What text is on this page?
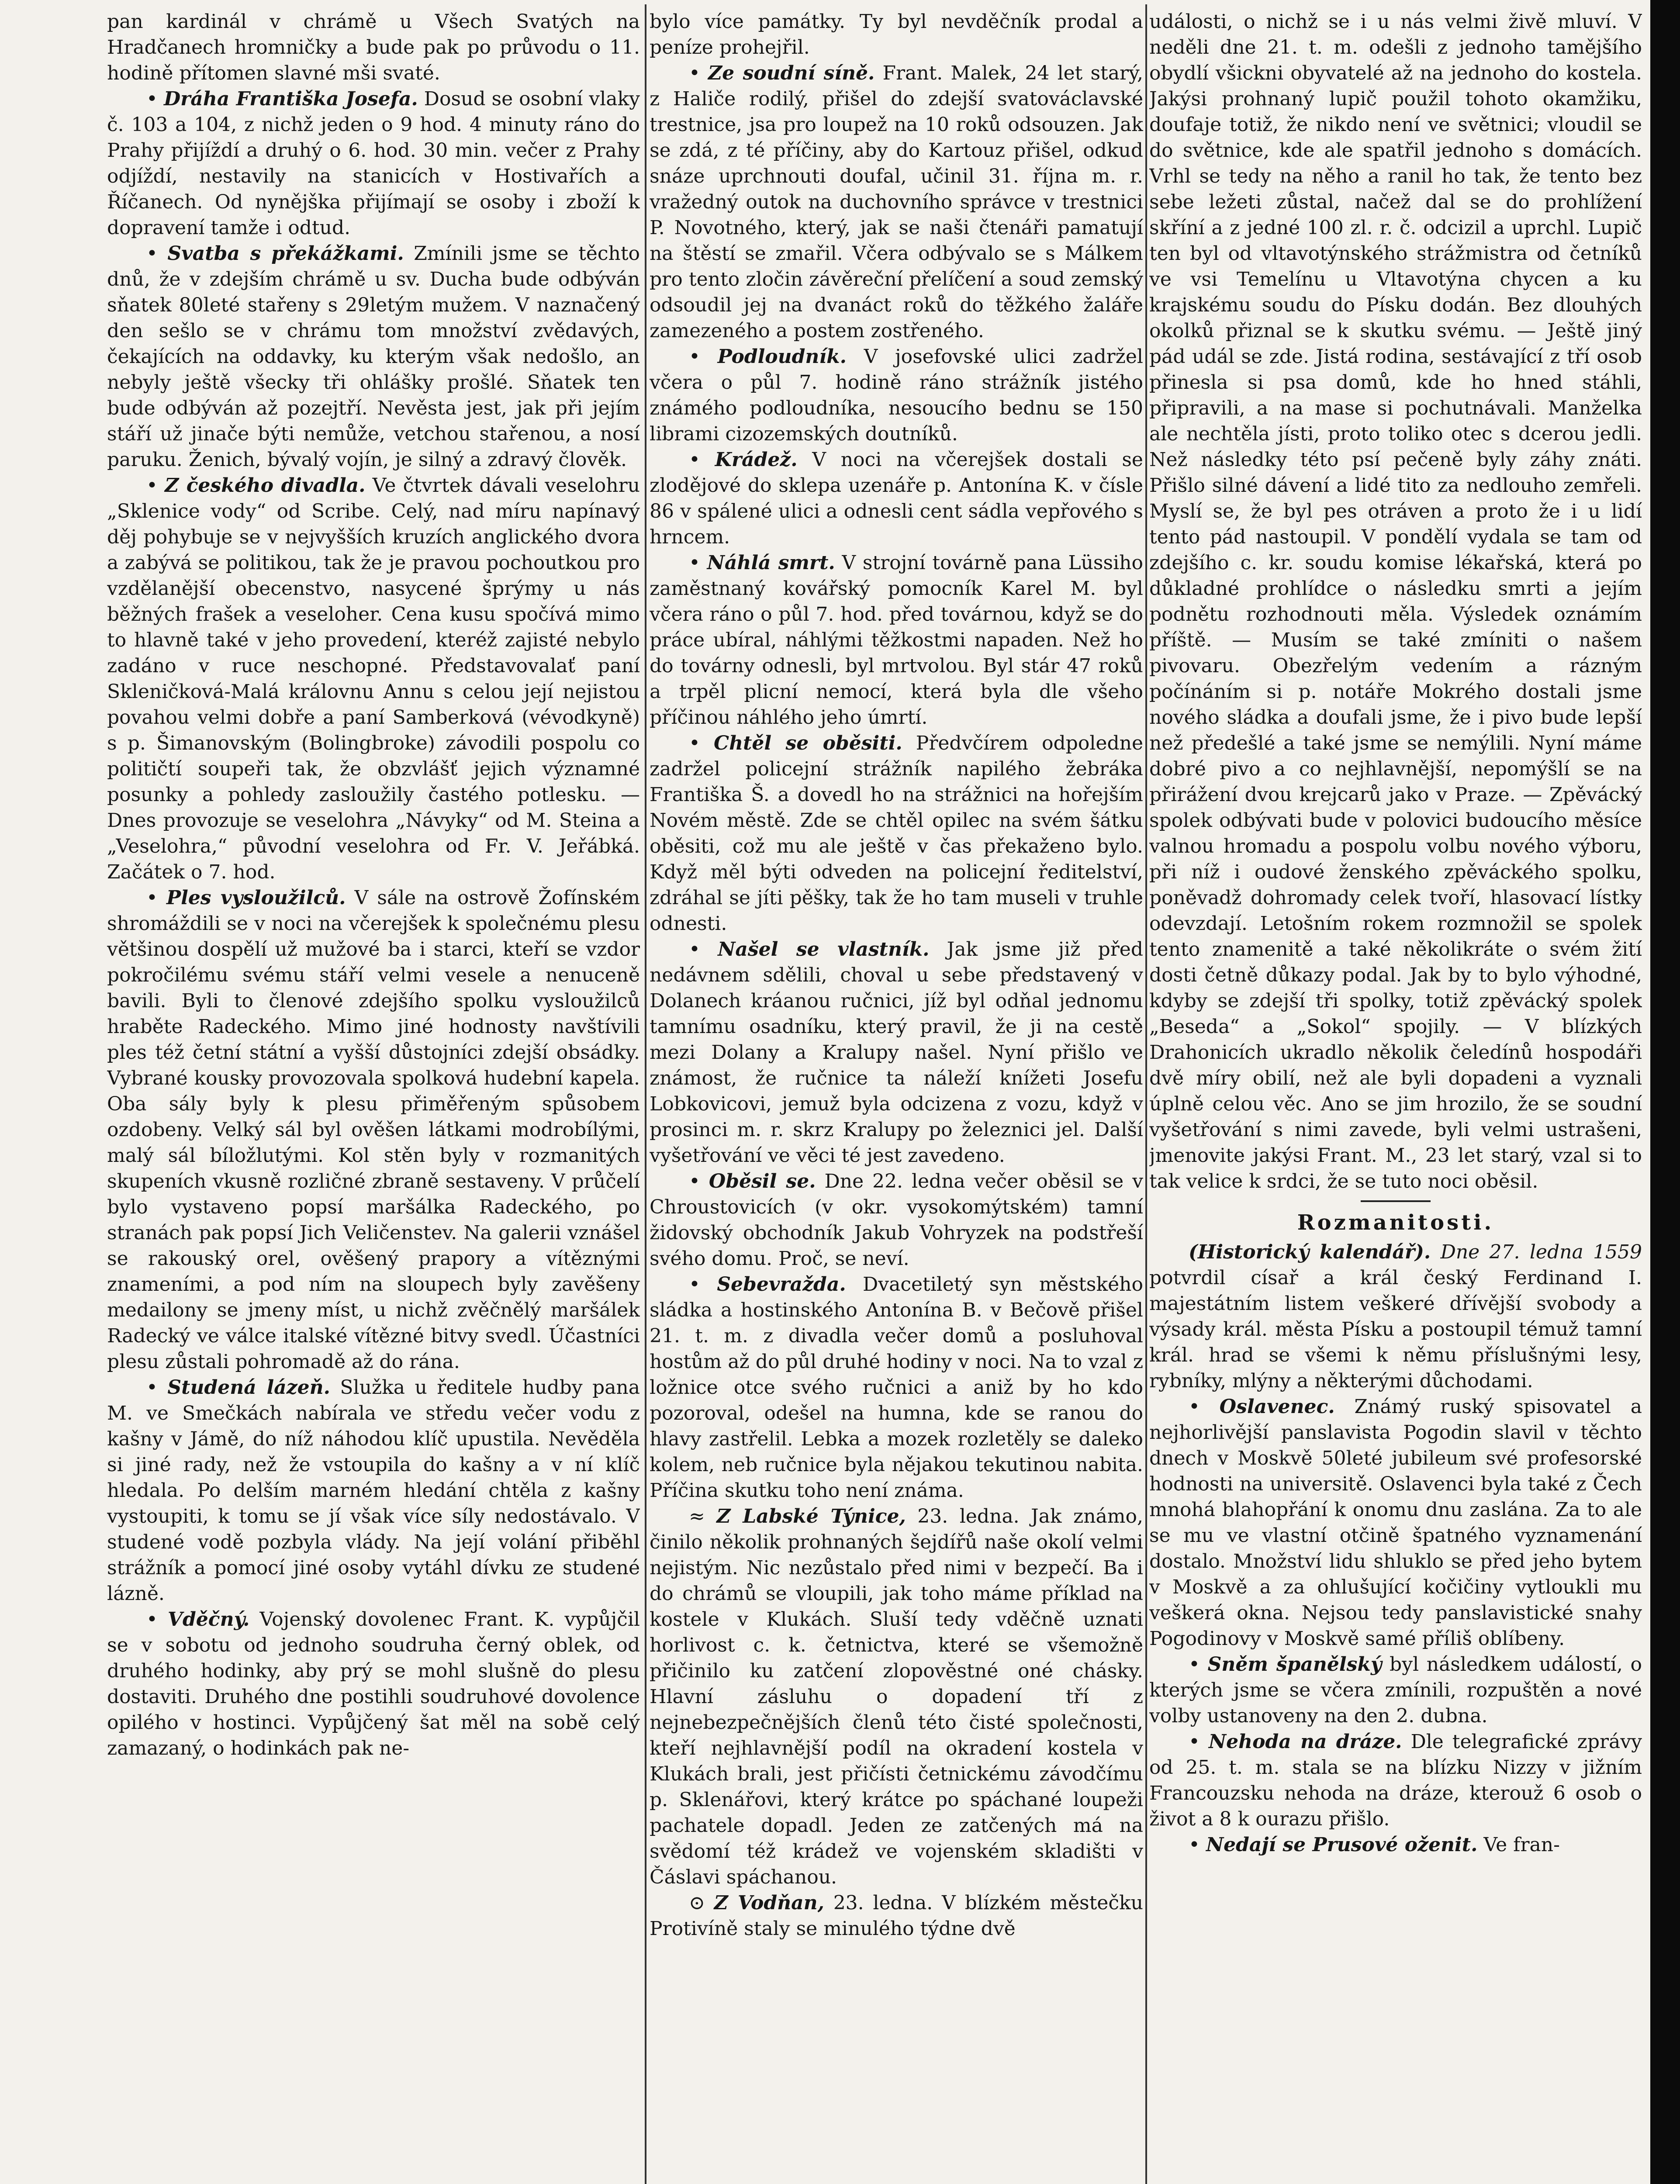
pan kardinál v chrámě u Všech Svatých na Hradčanech hromničky a bude pak po průvodu o 11. hodině přítomen slavné mši svaté.

• Dráha Františka Josefa. Dosud se osobní vlaky č. 103 a 104, z nichž jeden o 9 hod. 4 minuty ráno do Prahy přijíždí a druhý o 6. hod. 30 min. večer z Prahy odjíždí, nestavily na stanicích v Hostivařích a Říčanech. Od nynějška přijímají se osoby i zboží k dopravení tamže i odtud.

• Svatba s překážkami. Zmínili jsme se těchto dnů, že v zdejším chrámě u sv. Ducha bude odbýván sňatek 80leté stařeny s 29letým mužem. V naznačený den sešlo se v chrámu tom množství zvědavých, čekajících na oddavky, ku kterým však nedošlo, an nebyly ještě všecky tři ohlášky prošlé. Sňatek ten bude odbýván až pozejtří. Nevěsta jest, jak při jejím stáří už jinače býti nemůže, vetchou stařenou, a nosí paruku. Ženich, bývalý vojín, je silný a zdravý člověk.

• Z českého divadla. Ve čtvrtek dávali veselohru „Sklenice vody“ od Scribe. Celý, nad míru napínavý děj pohybuje se v nejvyšších kruzích anglického dvora a zabývá se politikou, tak že je pravou pochoutkou pro vzdělanější obecenstvo, nasycené šprýmy u nás běžných frašek a veseloher. Cena kusu spočívá mimo to hlavně také v jeho provedení, kteréž zajisté nebylo zadáno v ruce neschopné. Představovalať paní Skleničková-Malá královnu Annu s celou její nejistou povahou velmi dobře a paní Samberková (vévodkyně) s p. Šimanovským (Bolingbroke) závodili pospolu co političtí soupeři tak, že obzvlášť jejich významné posunky a pohledy zasloužily častého potlesku. — Dnes provozuje se veselohra „Návyky“ od M. Steina a „Veselohra,“ původní veselohra od Fr. V. Jeřábká. Začátek o 7. hod.

• Ples vysloužilců. V sále na ostrově Žofínském shromáždili se v noci na včerejšek k společnému plesu většinou dospělí už mužové ba i starci, kteří se vzdor pokročilému svému stáří velmi vesele a nenuceně bavili. Byli to členové zdejšího spolku vysloužilců hraběte Radeckého. Mimo jiné hodnosty navštívili ples též četní státní a vyšší důstojníci zdejší obsádky. Vybrané kousky provozovala spolková hudební kapela. Oba sály byly k plesu přiměřeným spůsobem ozdobeny. Velký sál byl ověšen látkami modrobílými, malý sál bíložlutými. Kol stěn byly v rozmanitých skupeních vkusně rozličné zbraně sestaveny. V průčelí bylo vystaveno popsí maršálka Radeckého, po stranách pak popsí Jich Veličenstev. Na galerii vznášel se rakouský orel, ověšený prapory a vítěznými znameními, a pod ním na sloupech byly zavěšeny medailony se jmeny míst, u nichž zvěčnělý maršálek Radecký ve válce italské vítězné bitvy svedl. Účastníci plesu zůstali pohromadě až do rána.

• Studená lázeň. Služka u ředitele hudby pana M. ve Smečkách nabírala ve středu večer vodu z kašny v Jámě, do níž náhodou klíč upustila. Nevěděla si jiné rady, než že vstoupila do kašny a v ní klíč hledala. Po delším marném hledání chtěla z kašny vystoupiti, k tomu se jí však více síly nedostávalo. V studené vodě pozbyla vlády. Na její volání přiběhl strážník a pomocí jiné osoby vytáhl dívku ze studené lázně.

• Vděčný. Vojenský dovolenec Frant. K. vypůjčil se v sobotu od jednoho soudruha černý oblek, od druhého hodinky, aby prý se mohl slušně do plesu dostaviti. Druhého dne postihli soudruhové dovolence opilého v hostinci. Vypůjčený šat měl na sobě celý zamazaný, o hodinkách pak ne-

bylo více památky. Ty byl nevděčník prodal a peníze prohejřil.

• Ze soudní síně. Frant. Malek, 24 let starý, z Haliče rodilý, přišel do zdejší svatováclavské trestnice, jsa pro loupež na 10 roků odsouzen. Jak se zdá, z té příčiny, aby do Kartouz přišel, odkud snáze uprchnouti doufal, učinil 31. října m. r. vražedný outok na duchovního správce v trestnici P. Novotného, který, jak se naši čtenáři pamatují na štěstí se zmařil. Včera odbývalo se s Málkem pro tento zločin závěreční přelíčení a soud zemský odsoudil jej na dvanáct roků do těžkého žaláře zamezeného a postem zostřeného.

• Podloudník. V josefovské ulici zadržel včera o půl 7. hodině ráno strážník jistého známého podloudníka, nesoucího bednu se 150 librami cizozemských doutníků.

• Krádež. V noci na včerejšek dostali se zlodějové do sklepa uzenáře p. Antonína K. v čísle 86 v spálené ulici a odnesli cent sádla vepřového s hrncem.

• Náhlá smrt. V strojní továrně pana Lüssiho zaměstnaný kovářský pomocník Karel M. byl včera ráno o půl 7. hod. před továrnou, když se do práce ubíral, náhlými těžkostmi napaden. Než ho do továrny odnesli, byl mrtvolou. Byl stár 47 roků a trpěl plicní nemocí, která byla dle všeho příčinou náhlého jeho úmrtí.

• Chtěl se oběsiti. Předvčírem odpoledne zadržel policejní strážník napilého žebráka Františka Š. a dovedl ho na strážnici na hořejším Novém městě. Zde se chtěl opilec na svém šátku oběsiti, což mu ale ještě v čas překaženo bylo. Když měl býti odveden na policejní ředitelství, zdráhal se jíti pěšky, tak že ho tam museli v truhle odnesti.

• Našel se vlastník. Jak jsme již před nedávnem sdělili, choval u sebe představený v Dolanech kráanou ručnici, jíž byl odňal jednomu tamnímu osadníku, který pravil, že ji na cestě mezi Dolany a Kralupy našel. Nyní přišlo ve známost, že ručnice ta náleží knížeti Josefu Lobkovicovi, jemuž byla odcizena z vozu, když v prosinci m. r. skrz Kralupy po železnici jel. Další vyšetřování ve věci té jest zavedeno.

• Oběsil se. Dne 22. ledna večer oběsil se v Chroustovicích (v okr. vysokomýtském) tamní židovský obchodník Jakub Vohryzek na podstřeší svého domu. Proč, se neví.

• Sebevražda. Dvacetiletý syn městského sládka a hostinského Antonína B. v Bečově přišel 21. t. m. z divadla večer domů a posluhoval hostům až do půl druhé hodiny v noci. Na to vzal z ložnice otce svého ručnici a aniž by ho kdo pozoroval, odešel na humna, kde se ranou do hlavy zastřelil. Lebka a mozek rozletěly se daleko kolem, neb ručnice byla nějakou tekutinou nabita. Příčina skutku toho není známa.

≈ Z Labské Týnice, 23. ledna. Jak známo, činilo několik prohnaných šejdířů naše okolí velmi nejistým. Nic nezůstalo před nimi v bezpečí. Ba i do chrámů se vloupili, jak toho máme příklad na kostele v Klukách. Sluší tedy vděčně uznati horlivost c. k. četnictva, které se všemožně přičinilo ku zatčení zlopověstné oné chásky. Hlavní zásluhu o dopadení tří z nejnebezpečnějších členů této čisté společnosti, kteří nejhlavnější podíl na okradení kostela v Klukách brali, jest přičísti četnickému závodčímu p. Sklenářovi, který krátce po spáchané loupeži pachatele dopadl. Jeden ze zatčených má na svědomí též krádež ve vojenském skladišti v Čáslavi spáchanou.

⊙ Z Vodňan, 23. ledna. V blízkém městečku Protivíně staly se minulého týdne dvě

události, o nichž se i u nás velmi živě mluví. V neděli dne 21. t. m. odešli z jednoho tamějšího obydlí všickni obyvatelé až na jednoho do kostela. Jakýsi prohnaný lupič použil tohoto okamžiku, doufaje totiž, že nikdo není ve světnici; vloudil se do světnice, kde ale spatřil jednoho s domácích. Vrhl se tedy na něho a ranil ho tak, že tento bez sebe ležeti zůstal, načež dal se do prohlížení skříní a z jedné 100 zl. r. č. odcizil a uprchl. Lupič ten byl od vltavotýnského strážmistra od četníků ve vsi Temelínu u Vltavotýna chycen a ku krajskému soudu do Písku dodán. Bez dlouhých okolků přiznal se k skutku svému. — Ještě jiný pád udál se zde. Jistá rodina, sestávající z tří osob přinesla si psa domů, kde ho hned stáhli, připravili, a na mase si pochutnávali. Manželka ale nechtěla jísti, proto toliko otec s dcerou jedli. Než následky této psí pečeně byly záhy znáti. Přišlo silné dávení a lidé tito za nedlouho zemřeli. Myslí se, že byl pes otráven a proto že i u lidí tento pád nastoupil. V pondělí vydala se tam od zdejšího c. kr. soudu komise lékařská, která po důkladné prohlídce o následku smrti a jejím podnětu rozhodnouti měla. Výsledek oznámím příště. — Musím se také zmíniti o našem pivovaru. Obezřelým vedením a rázným počínáním si p. notáře Mokrého dostali jsme nového sládka a doufali jsme, že i pivo bude lepší než předešlé a také jsme se nemýlili. Nyní máme dobré pivo a co nejhlavnější, nepomýšlí se na přirážení dvou krejcarů jako v Praze. — Zpěvácký spolek odbývati bude v polovici budoucího měsíce valnou hromadu a pospolu volbu nového výboru, při níž i oudové ženského zpěváckého spolku, poněvadž dohromady celek tvoří, hlasovací lístky odevzdají. Letošním rokem rozmnožil se spolek tento znamenitě a také několikráte o svém žití dosti četně důkazy podal. Jak by to bylo výhodné, kdyby se zdejší tři spolky, totiž zpěvácký spolek „Beseda“ a „Sokol“ spojily. — V blízkých Drahonicích ukradlo několik čeledínů hospodáři dvě míry obilí, než ale byli dopadeni a vyznali úplně celou věc. Ano se jim hrozilo, že se soudní vyšetřování s nimi zavede, byli velmi ustrašeni, jmenovite jakýsi Frant. M., 23 let starý, vzal si to tak velice k srdci, že se tuto noci oběsil.

Rozmanitosti.

(Historický kalendář). Dne 27. ledna 1559 potvrdil císař a král český Ferdinand I. majestátním listem veškeré dřívější svobody a výsady král. města Písku a postoupil témuž tamní král. hrad se všemi k němu příslušnými lesy, rybníky, mlýny a některými důchodami.

• Oslavenec. Známý ruský spisovatel a nejhorlivější panslavista Pogodin slavil v těchto dnech v Moskvě 50leté jubileum své profesorské hodnosti na universitě. Oslavenci byla také z Čech mnohá blahopřání k onomu dnu zaslána. Za to ale se mu ve vlastní otčině špatného vyznamenání dostalo. Množství lidu shluklo se před jeho bytem v Moskvě a za ohlušující kočičiny vytloukli mu veškerá okna. Nejsou tedy panslavistické snahy Pogodinovy v Moskvě samé příliš oblíbeny.

• Sněm španělský byl následkem událostí, o kterých jsme se včera zmínili, rozpuštěn a nové volby ustanoveny na den 2. dubna.

• Nehoda na dráze. Dle telegrafické zprávy od 25. t. m. stala se na blízku Nizzy v jižním Francouzsku nehoda na dráze, kterouž 6 osob o život a 8 k ourazu přišlo.

• Nedají se Prusové oženit. Ve fran-
